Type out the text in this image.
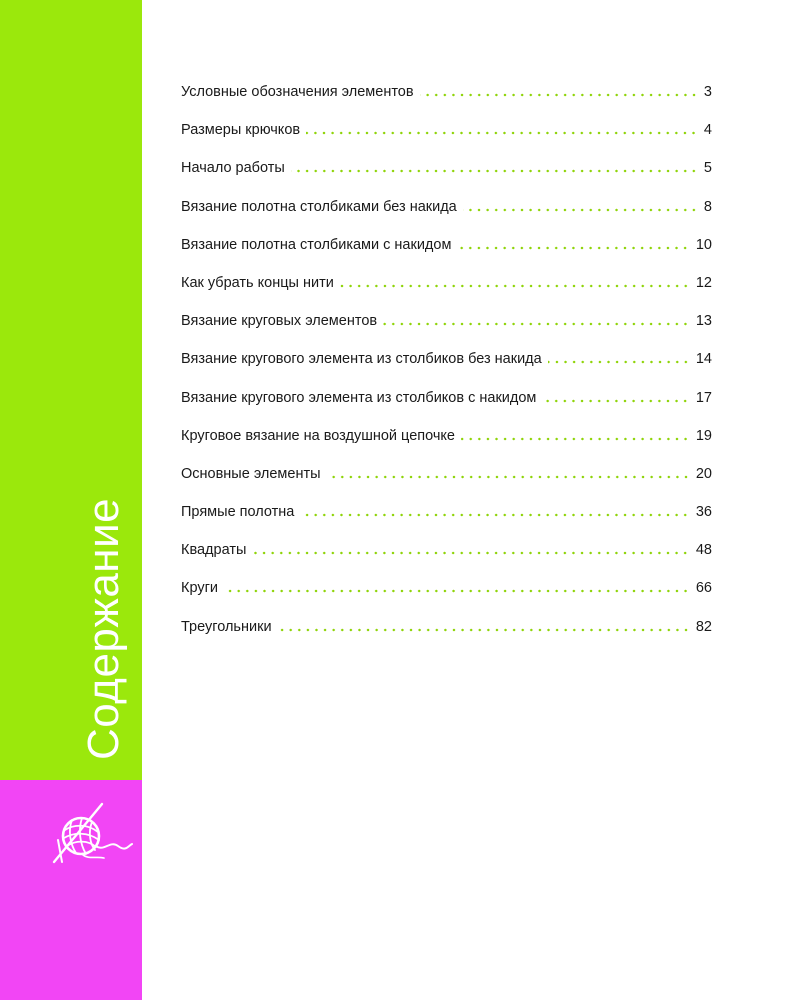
Содержание
Условные обозначения элементов	3
Размеры крючков	4
Начало работы	5
Вязание полотна столбиками без накида	8
Вязание полотна столбиками с накидом	10
Как убрать концы нити	12
Вязание круговых элементов	13
Вязание кругового элемента из столбиков без накида	14
Вязание кругового элемента из столбиков с накидом	17
Круговое вязание на воздушной цепочке	19
Основные элементы	20
Прямые полотна	36
Квадраты	48
Круги	66
Треугольники	82
